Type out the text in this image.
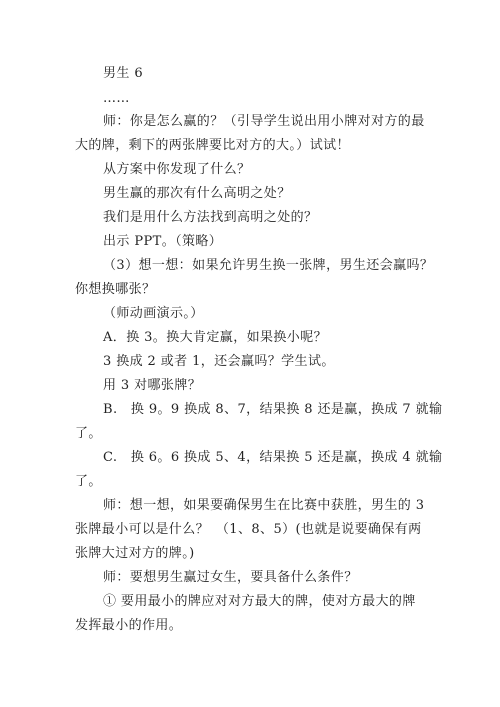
男生 6
……
师：你是怎么赢的？（引导学生说出用小牌对对方的最
大的牌，剩下的两张牌要比对方的大。）试试！
从方案中你发现了什么？
男生赢的那次有什么高明之处？
我们是用什么方法找到高明之处的？
出示 PPT。（策略）
（3）想一想：如果允许男生换一张牌，男生还会赢吗？
你想换哪张？
（师动画演示。）
A．换 3。换大肯定赢，如果换小呢？
3 换成 2 或者 1，还会赢吗？学生试。
用 3 对哪张牌？
B.　换 9。9 换成 8、7，结果换 8 还是赢，换成 7 就输
了。
C.　换 6。6 换成 5、4，结果换 5 还是赢，换成 4 就输
了。
师：想一想，如果要确保男生在比赛中获胜，男生的 3
张牌最小可以是什么？　（1、8、5）(也就是说要确保有两
张牌大过对方的牌。)
师：要想男生赢过女生，要具备什么条件？
① 要用最小的牌应对对方最大的牌，使对方最大的牌
发挥最小的作用。
